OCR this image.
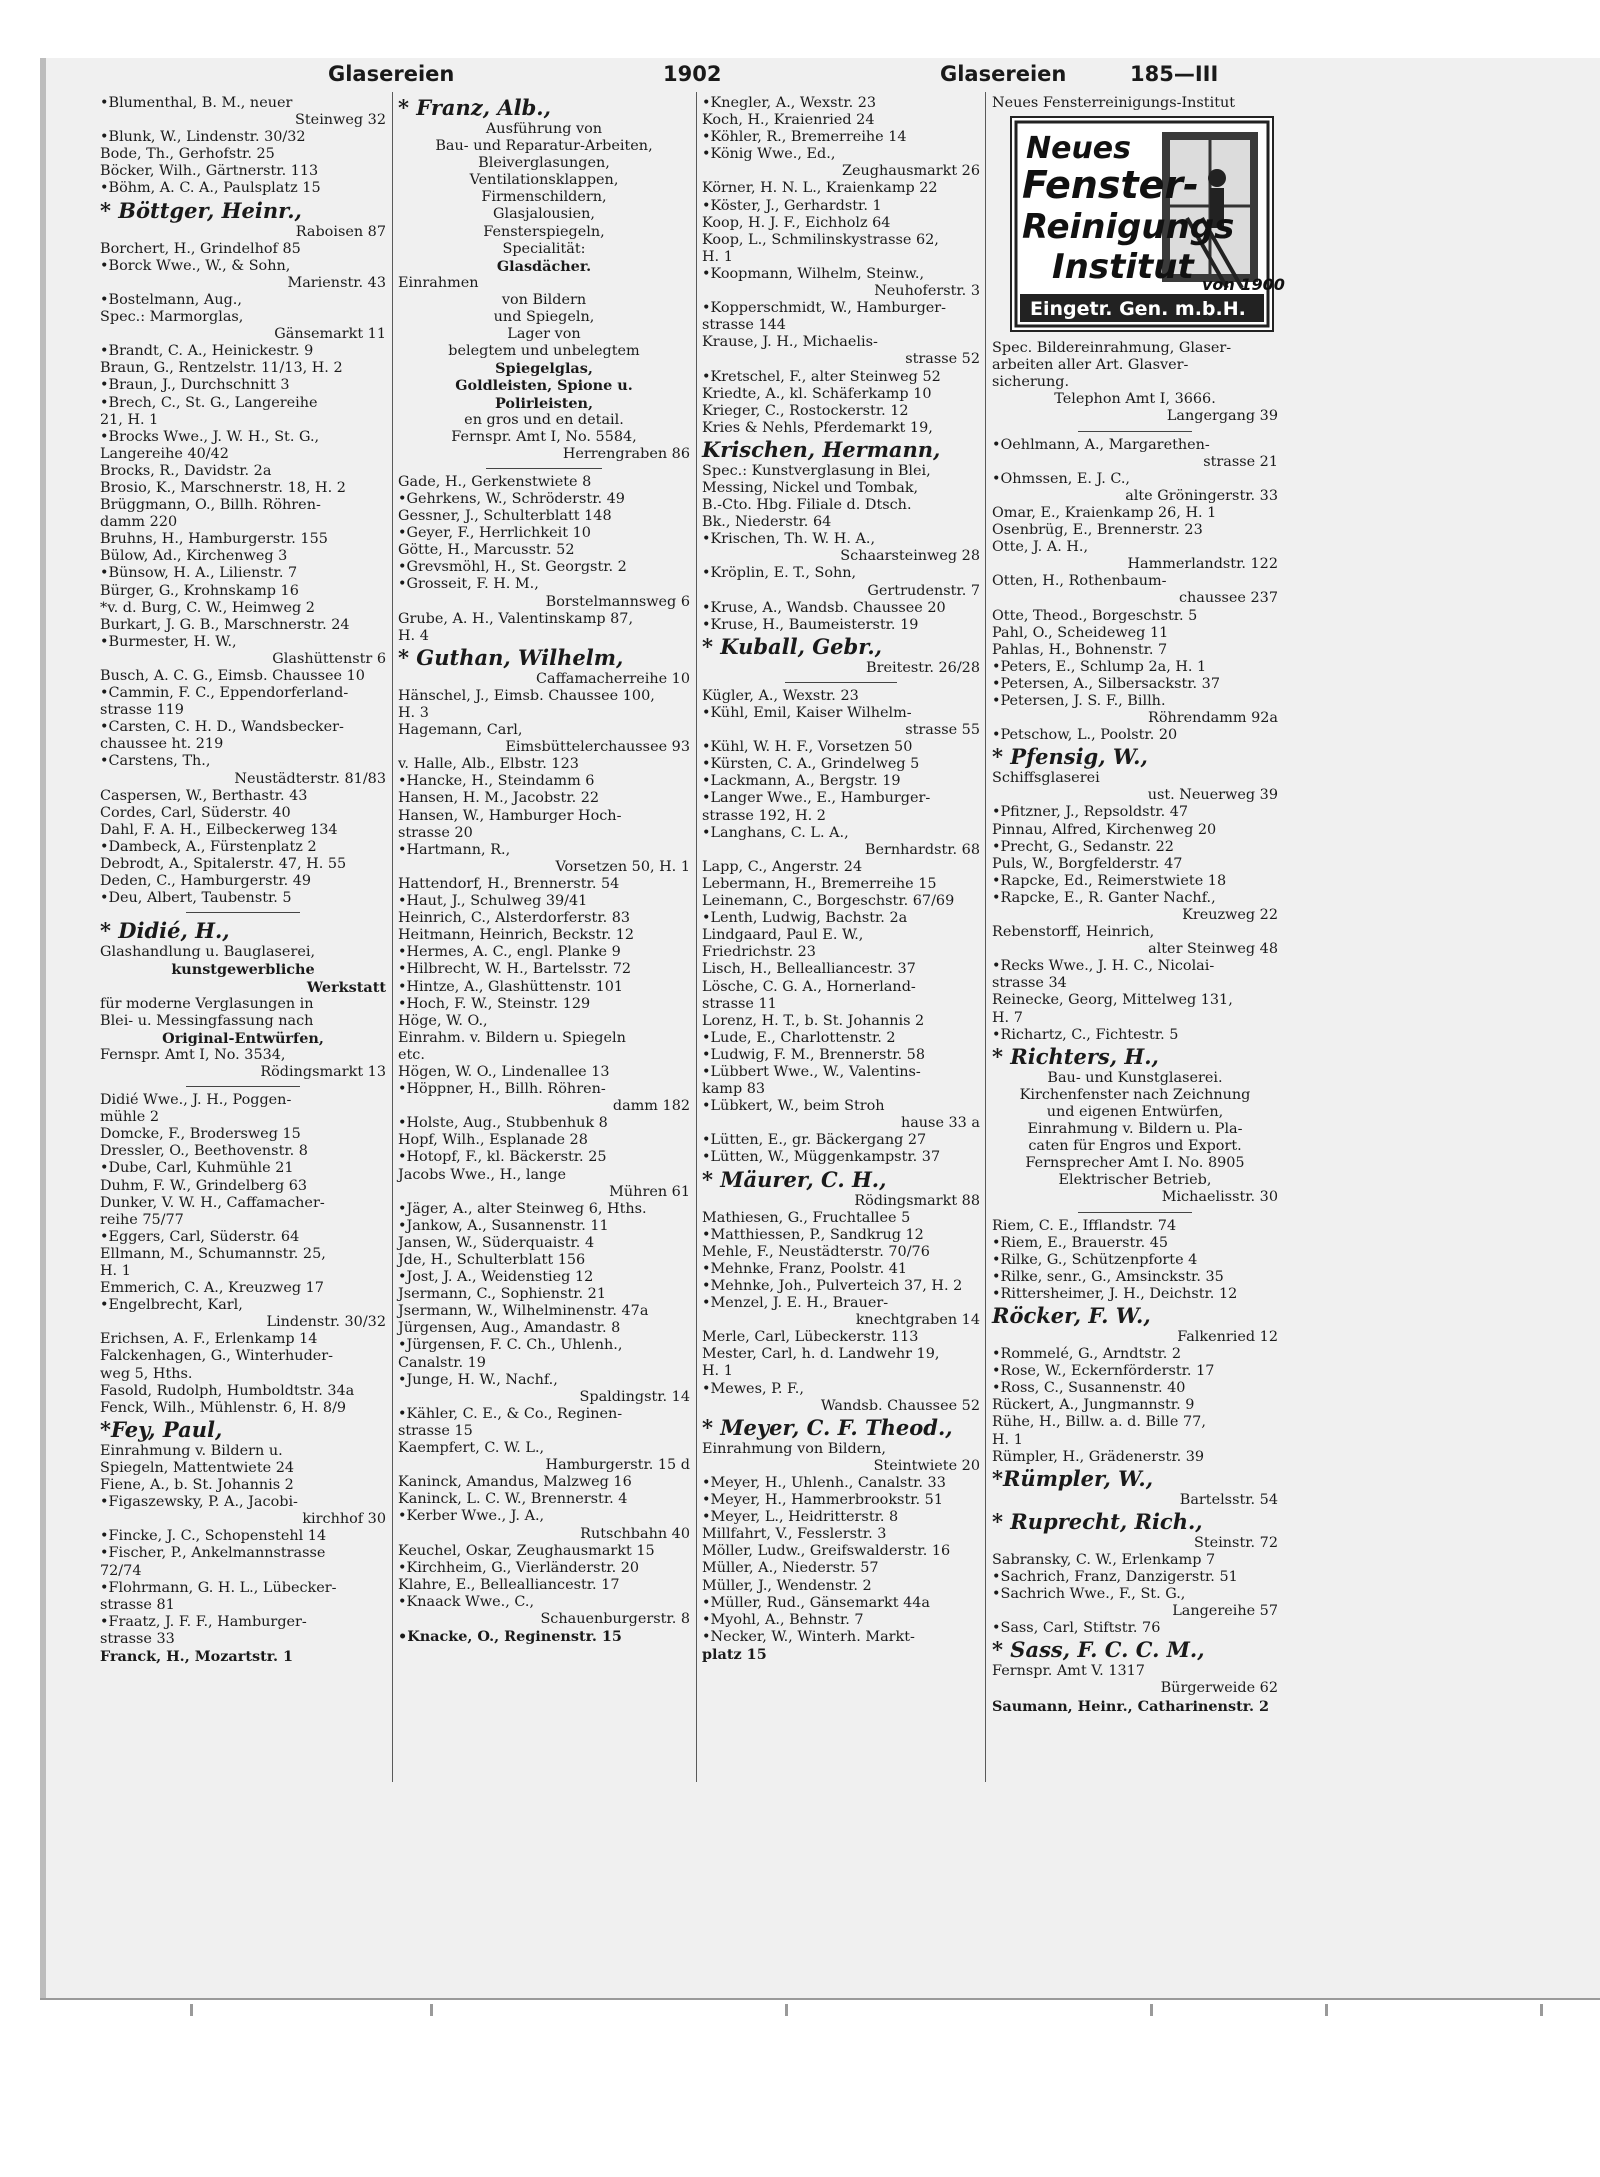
Glasereien	1902	Glasereien	185—III
•Blumenthal, B. M., neuer
Steinweg 32
•Blunk, W., Lindenstr. 30/32
Bode, Th., Gerhofstr. 25
Böcker, Wilh., Gärtnerstr. 113
•Böhm, A. C. A., Paulsplatz 15
* Böttger, Heinr.,
Raboisen 87
Borchert, H., Grindelhof 85
•Borck Wwe., W., & Sohn,
Marienstr. 43
•Bostelmann, Aug.,
Spec.: Marmorglas,
Gänsemarkt 11
•Brandt, C. A., Heinickestr. 9
Braun, G., Rentzelstr. 11/13, H. 2
•Braun, J., Durchschnitt 3
•Brech, C., St. G., Langereihe
21, H. 1
•Brocks Wwe., J. W. H., St. G.,
Langereihe 40/42
Brocks, R., Davidstr. 2a
Brosio, K., Marschnerstr. 18, H. 2
Brüggmann, O., Billh. Röhren-
damm 220
Bruhns, H., Hamburgerstr. 155
Bülow, Ad., Kirchenweg 3
•Bünsow, H. A., Lilienstr. 7
Bürger, G., Krohnskamp 16
*v. d. Burg, C. W., Heimweg 2
Burkart, J. G. B., Marschnerstr. 24
•Burmester, H. W.,
Glashüttenstr 6
Busch, A. C. G., Eimsb. Chaussee 10
•Cammin, F. C., Eppendorferland-
strasse 119
•Carsten, C. H. D., Wandsbecker-
chaussee ht. 219
•Carstens, Th.,
Neustädterstr. 81/83
Caspersen, W., Berthastr. 43
Cordes, Carl, Süderstr. 40
Dahl, F. A. H., Eilbeckerweg 134
•Dambeck, A., Fürstenplatz 2
Debrodt, A., Spitalerstr. 47, H. 55
Deden, C., Hamburgerstr. 49
•Deu, Albert, Taubenstr. 5
* Didié, H.,
Glashandlung u. Bauglaserei,
kunstgewerbliche
Werkstatt
für moderne Verglasungen in
Blei- u. Messingfassung nach
Original-Entwürfen,
Fernspr. Amt I, No. 3534,
Rödingsmarkt 13
Didié Wwe., J. H., Poggen-
mühle 2
Domcke, F., Brodersweg 15
Dressler, O., Beethovenstr. 8
•Dube, Carl, Kuhmühle 21
Duhm, F. W., Grindelberg 63
Dunker, V. W. H., Caffamacher-
reihe 75/77
•Eggers, Carl, Süderstr. 64
Ellmann, M., Schumannstr. 25,
H. 1
Emmerich, C. A., Kreuzweg 17
•Engelbrecht, Karl,
Lindenstr. 30/32
Erichsen, A. F., Erlenkamp 14
Falckenhagen, G., Winterhuder-
weg 5, Hths.
Fasold, Rudolph, Humboldtstr. 34a
Fenck, Wilh., Mühlenstr. 6, H. 8/9
*Fey, Paul,
Einrahmung v. Bildern u.
Spiegeln, Mattentwiete 24
Fiene, A., b. St. Johannis 2
•Figaszewsky, P. A., Jacobi-
kirchhof 30
•Fincke, J. C., Schopenstehl 14
•Fischer, P., Ankelmannstrasse
72/74
•Flohrmann, G. H. L., Lübecker-
strasse 81
•Fraatz, J. F. F., Hamburger-
strasse 33
Franck, H., Mozartstr. 1
* Franz, Alb.,
Ausführung von
Bau- und Reparatur-Arbeiten,
Bleiverglasungen,
Ventilationsklappen,
Firmenschildern,
Glasjalousien,
Fensterspiegeln,
Specialität:
Glasdächer.
Einrahmen
von Bildern
und Spiegeln,
Lager von
belegtem und unbelegtem
Spiegelglas,
Goldleisten, Spione u.
Polirleisten,
en gros und en detail.
Fernspr. Amt I, No. 5584,
Herrengraben 86
Gade, H., Gerkenstwiete 8
•Gehrkens, W., Schröderstr. 49
Gessner, J., Schulterblatt 148
•Geyer, F., Herrlichkeit 10
Götte, H., Marcusstr. 52
•Grevsmöhl, H., St. Georgstr. 2
•Grosseit, F. H. M.,
Borstelmannsweg 6
Grube, A. H., Valentinskamp 87,
H. 4
* Guthan, Wilhelm,
Caffamacherreihe 10
Hänschel, J., Eimsb. Chaussee 100,
H. 3
Hagemann, Carl,
Eimsbüttelerchaussee 93
v. Halle, Alb., Elbstr. 123
•Hancke, H., Steindamm 6
Hansen, H. M., Jacobstr. 22
Hansen, W., Hamburger Hoch-
strasse 20
•Hartmann, R.,
Vorsetzen 50, H. 1
Hattendorf, H., Brennerstr. 54
•Haut, J., Schulweg 39/41
Heinrich, C., Alsterdorferstr. 83
Heitmann, Heinrich, Beckstr. 12
•Hermes, A. C., engl. Planke 9
•Hilbrecht, W. H., Bartelsstr. 72
•Hintze, A., Glashüttenstr. 101
•Hoch, F. W., Steinstr. 129
Höge, W. O.,
Einrahm. v. Bildern u. Spiegeln
etc.
Högen, W. O., Lindenallee 13
•Höppner, H., Billh. Röhren-
damm 182
•Holste, Aug., Stubbenhuk 8
Hopf, Wilh., Esplanade 28
•Hotopf, F., kl. Bäckerstr. 25
Jacobs Wwe., H., lange
Mühren 61
•Jäger, A., alter Steinweg 6, Hths.
•Jankow, A., Susannenstr. 11
Jansen, W., Süderquaistr. 4
Jde, H., Schulterblatt 156
•Jost, J. A., Weidenstieg 12
Jsermann, C., Sophienstr. 21
Jsermann, W., Wilhelminenstr. 47a
Jürgensen, Aug., Amandastr. 8
•Jürgensen, F. C. Ch., Uhlenh.,
Canalstr. 19
•Junge, H. W., Nachf.,
Spaldingstr. 14
•Kähler, C. E., & Co., Reginen-
strasse 15
Kaempfert, C. W. L.,
Hamburgerstr. 15 d
Kaninck, Amandus, Malzweg 16
Kaninck, L. C. W., Brennerstr. 4
•Kerber Wwe., J. A.,
Rutschbahn 40
Keuchel, Oskar, Zeughausmarkt 15
•Kirchheim, G., Vierländerstr. 20
Klahre, E., Bellealliancestr. 17
•Knaack Wwe., C.,
Schauenburgerstr. 8
•Knacke, O., Reginenstr. 15
•Knegler, A., Wexstr. 23
Koch, H., Kraienried 24
•Köhler, R., Bremerreihe 14
•König Wwe., Ed.,
Zeughausmarkt 26
Körner, H. N. L., Kraienkamp 22
•Köster, J., Gerhardstr. 1
Koop, H. J. F., Eichholz 64
Koop, L., Schmilinskystrasse 62,
H. 1
•Koopmann, Wilhelm, Steinw.,
Neuhoferstr. 3
•Kopperschmidt, W., Hamburger-
strasse 144
Krause, J. H., Michaelis-
strasse 52
•Kretschel, F., alter Steinweg 52
Kriedte, A., kl. Schäferkamp 10
Krieger, C., Rostockerstr. 12
Kries & Nehls, Pferdemarkt 19,
Krischen, Hermann,
Spec.: Kunstverglasung in Blei,
Messing, Nickel und Tombak,
B.-Cto. Hbg. Filiale d. Dtsch.
Bk., Niederstr. 64
•Krischen, Th. W. H. A.,
Schaarsteinweg 28
•Kröplin, E. T., Sohn,
Gertrudenstr. 7
•Kruse, A., Wandsb. Chaussee 20
•Kruse, H., Baumeisterstr. 19
* Kuball, Gebr.,
Breitestr. 26/28
Kügler, A., Wexstr. 23
•Kühl, Emil, Kaiser Wilhelm-
strasse 55
•Kühl, W. H. F., Vorsetzen 50
•Kürsten, C. A., Grindelweg 5
•Lackmann, A., Bergstr. 19
•Langer Wwe., E., Hamburger-
strasse 192, H. 2
•Langhans, C. L. A.,
Bernhardstr. 68
Lapp, C., Angerstr. 24
Lebermann, H., Bremerreihe 15
Leinemann, C., Borgeschstr. 67/69
•Lenth, Ludwig, Bachstr. 2a
Lindgaard, Paul E. W.,
Friedrichstr. 23
Lisch, H., Bellealliancestr. 37
Lösche, C. G. A., Hornerland-
strasse 11
Lorenz, H. T., b. St. Johannis 2
•Lude, E., Charlottenstr. 2
•Ludwig, F. M., Brennerstr. 58
•Lübbert Wwe., W., Valentins-
kamp 83
•Lübkert, W., beim Stroh
hause 33 a
•Lütten, E., gr. Bäckergang 27
•Lütten, W., Müggenkampstr. 37
* Mäurer, C. H.,
Rödingsmarkt 88
Mathiesen, G., Fruchtallee 5
•Matthiessen, P., Sandkrug 12
Mehle, F., Neustädterstr. 70/76
•Mehnke, Franz, Poolstr. 41
•Mehnke, Joh., Pulverteich 37, H. 2
•Menzel, J. E. H., Brauer-
knechtgraben 14
Merle, Carl, Lübeckerstr. 113
Mester, Carl, h. d. Landwehr 19,
H. 1
•Mewes, P. F.,
Wandsb. Chaussee 52
* Meyer, C. F. Theod.,
Einrahmung von Bildern,
Steintwiete 20
•Meyer, H., Uhlenh., Canalstr. 33
•Meyer, H., Hammerbrookstr. 51
•Meyer, L., Heidritterstr. 8
Millfahrt, V., Fesslerstr. 3
Möller, Ludw., Greifswalderstr. 16
Müller, A., Niederstr. 57
Müller, J., Wendenstr. 2
•Müller, Rud., Gänsemarkt 44a
•Myohl, A., Behnstr. 7
•Necker, W., Winterh. Markt-
platz 15
Neues Fensterreinigungs-Institut
Neues
Fenster-
Reinigungs
Institut von 1900
Eingetr. Gen. m.b.H.
Spec. Bildereinrahmung, Glaser-
arbeiten aller Art. Glasver-
sicherung.
Telephon Amt I, 3666.
Langergang 39
•Oehlmann, A., Margarethen-
strasse 21
•Ohmssen, E. J. C.,
alte Gröningerstr. 33
Omar, E., Kraienkamp 26, H. 1
Osenbrüg, E., Brennerstr. 23
Otte, J. A. H.,
Hammerlandstr. 122
Otten, H., Rothenbaum-
chaussee 237
Otte, Theod., Borgeschstr. 5
Pahl, O., Scheideweg 11
Pahlas, H., Bohnenstr. 7
•Peters, E., Schlump 2a, H. 1
•Petersen, A., Silbersackstr. 37
•Petersen, J. S. F., Billh.
Röhrendamm 92a
•Petschow, L., Poolstr. 20
* Pfensig, W.,
Schiffsglaserei
ust. Neuerweg 39
•Pfitzner, J., Repsoldstr. 47
Pinnau, Alfred, Kirchenweg 20
•Precht, G., Sedanstr. 22
Puls, W., Borgfelderstr. 47
•Rapcke, Ed., Reimerstwiete 18
•Rapcke, E., R. Ganter Nachf.,
Kreuzweg 22
Rebenstorff, Heinrich,
alter Steinweg 48
•Recks Wwe., J. H. C., Nicolai-
strasse 34
Reinecke, Georg, Mittelweg 131,
H. 7
•Richartz, C., Fichtestr. 5
* Richters, H.,
Bau- und Kunstglaserei.
Kirchenfenster nach Zeichnung
und eigenen Entwürfen,
Einrahmung v. Bildern u. Pla-
caten für Engros und Export.
Fernsprecher Amt I. No. 8905
Elektrischer Betrieb,
Michaelisstr. 30
Riem, C. E., Ifflandstr. 74
•Riem, E., Brauerstr. 45
•Rilke, G., Schützenpforte 4
•Rilke, senr., G., Amsinckstr. 35
•Rittersheimer, J. H., Deichstr. 12
Röcker, F. W.,
Falkenried 12
•Rommelé, G., Arndtstr. 2
•Rose, W., Eckernförderstr. 17
•Ross, C., Susannenstr. 40
Rückert, A., Jungmannstr. 9
Rühe, H., Billw. a. d. Bille 77,
H. 1
Rümpler, H., Grädenerstr. 39
*Rümpler, W.,
Bartelsstr. 54
* Ruprecht, Rich.,
Steinstr. 72
Sabransky, C. W., Erlenkamp 7
•Sachrich, Franz, Danzigerstr. 51
•Sachrich Wwe., F., St. G.,
Langereihe 57
•Sass, Carl, Stiftstr. 76
* Sass, F. C. C. M.,
Fernspr. Amt V. 1317
Bürgerweide 62
Saumann, Heinr., Catharinenstr. 2
